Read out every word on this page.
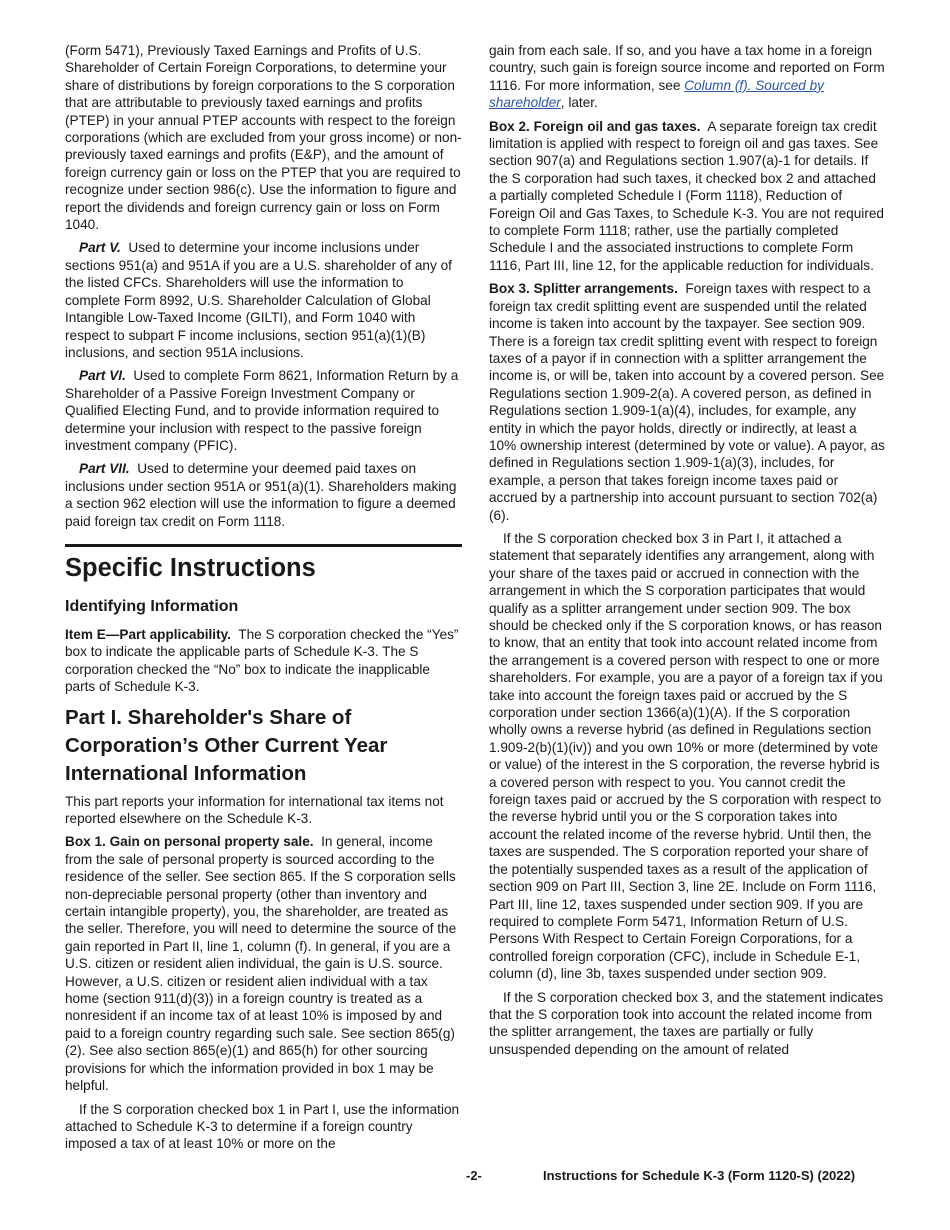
(Form 5471), Previously Taxed Earnings and Profits of U.S. Shareholder of Certain Foreign Corporations, to determine your share of distributions by foreign corporations to the S corporation that are attributable to previously taxed earnings and profits (PTEP) in your annual PTEP accounts with respect to the foreign corporations (which are excluded from your gross income) or non-previously taxed earnings and profits (E&P), and the amount of foreign currency gain or loss on the PTEP that you are required to recognize under section 986(c). Use the information to figure and report the dividends and foreign currency gain or loss on Form 1040.

Part V. Used to determine your income inclusions under sections 951(a) and 951A if you are a U.S. shareholder of any of the listed CFCs. Shareholders will use the information to complete Form 8992, U.S. Shareholder Calculation of Global Intangible Low-Taxed Income (GILTI), and Form 1040 with respect to subpart F income inclusions, section 951(a)(1)(B) inclusions, and section 951A inclusions.

Part VI. Used to complete Form 8621, Information Return by a Shareholder of a Passive Foreign Investment Company or Qualified Electing Fund, and to provide information required to determine your inclusion with respect to the passive foreign investment company (PFIC).

Part VII. Used to determine your deemed paid taxes on inclusions under section 951A or 951(a)(1). Shareholders making a section 962 election will use the information to figure a deemed paid foreign tax credit on Form 1118.

Specific Instructions
Identifying Information

Item E—Part applicability. The S corporation checked the “Yes” box to indicate the applicable parts of Schedule K-3. The S corporation checked the “No” box to indicate the inapplicable parts of Schedule K-3.

Part I. Shareholder's Share of Corporation’s Other Current Year International Information

This part reports your information for international tax items not reported elsewhere on the Schedule K-3.

Box 1. Gain on personal property sale. In general, income from the sale of personal property is sourced according to the residence of the seller. See section 865. If the S corporation sells non-depreciable personal property (other than inventory and certain intangible property), you, the shareholder, are treated as the seller. Therefore, you will need to determine the source of the gain reported in Part II, line 1, column (f). In general, if you are a U.S. citizen or resident alien individual, the gain is U.S. source. However, a U.S. citizen or resident alien individual with a tax home (section 911(d)(3)) in a foreign country is treated as a nonresident if an income tax of at least 10% is imposed by and paid to a foreign country regarding such sale. See section 865(g)(2). See also section 865(e)(1) and 865(h) for other sourcing provisions for which the information provided in box 1 may be helpful.

If the S corporation checked box 1 in Part I, use the information attached to Schedule K-3 to determine if a foreign country imposed a tax of at least 10% or more on the

gain from each sale. If so, and you have a tax home in a foreign country, such gain is foreign source income and reported on Form 1116. For more information, see Column (f). Sourced by shareholder, later.

Box 2. Foreign oil and gas taxes. A separate foreign tax credit limitation is applied with respect to foreign oil and gas taxes. See section 907(a) and Regulations section 1.907(a)-1 for details. If the S corporation had such taxes, it checked box 2 and attached a partially completed Schedule I (Form 1118), Reduction of Foreign Oil and Gas Taxes, to Schedule K-3. You are not required to complete Form 1118; rather, use the partially completed Schedule I and the associated instructions to complete Form 1116, Part III, line 12, for the applicable reduction for individuals.

Box 3. Splitter arrangements. Foreign taxes with respect to a foreign tax credit splitting event are suspended until the related income is taken into account by the taxpayer. See section 909. There is a foreign tax credit splitting event with respect to foreign taxes of a payor if in connection with a splitter arrangement the income is, or will be, taken into account by a covered person. See Regulations section 1.909-2(a). A covered person, as defined in Regulations section 1.909-1(a)(4), includes, for example, any entity in which the payor holds, directly or indirectly, at least a 10% ownership interest (determined by vote or value). A payor, as defined in Regulations section 1.909-1(a)(3), includes, for example, a person that takes foreign income taxes paid or accrued by a partnership into account pursuant to section 702(a)(6).

If the S corporation checked box 3 in Part I, it attached a statement that separately identifies any arrangement, along with your share of the taxes paid or accrued in connection with the arrangement in which the S corporation participates that would qualify as a splitter arrangement under section 909. The box should be checked only if the S corporation knows, or has reason to know, that an entity that took into account related income from the arrangement is a covered person with respect to one or more shareholders. For example, you are a payor of a foreign tax if you take into account the foreign taxes paid or accrued by the S corporation under section 1366(a)(1)(A). If the S corporation wholly owns a reverse hybrid (as defined in Regulations section 1.909-2(b)(1)(iv)) and you own 10% or more (determined by vote or value) of the interest in the S corporation, the reverse hybrid is a covered person with respect to you. You cannot credit the foreign taxes paid or accrued by the S corporation with respect to the reverse hybrid until you or the S corporation takes into account the related income of the reverse hybrid. Until then, the taxes are suspended. The S corporation reported your share of the potentially suspended taxes as a result of the application of section 909 on Part III, Section 3, line 2E. Include on Form 1116, Part III, line 12, taxes suspended under section 909. If you are required to complete Form 5471, Information Return of U.S. Persons With Respect to Certain Foreign Corporations, for a controlled foreign corporation (CFC), include in Schedule E-1, column (d), line 3b, taxes suspended under section 909.

If the S corporation checked box 3, and the statement indicates that the S corporation took into account the related income from the splitter arrangement, the taxes are partially or fully unsuspended depending on the amount of related

-2-	Instructions for Schedule K-3 (Form 1120-S) (2022)
